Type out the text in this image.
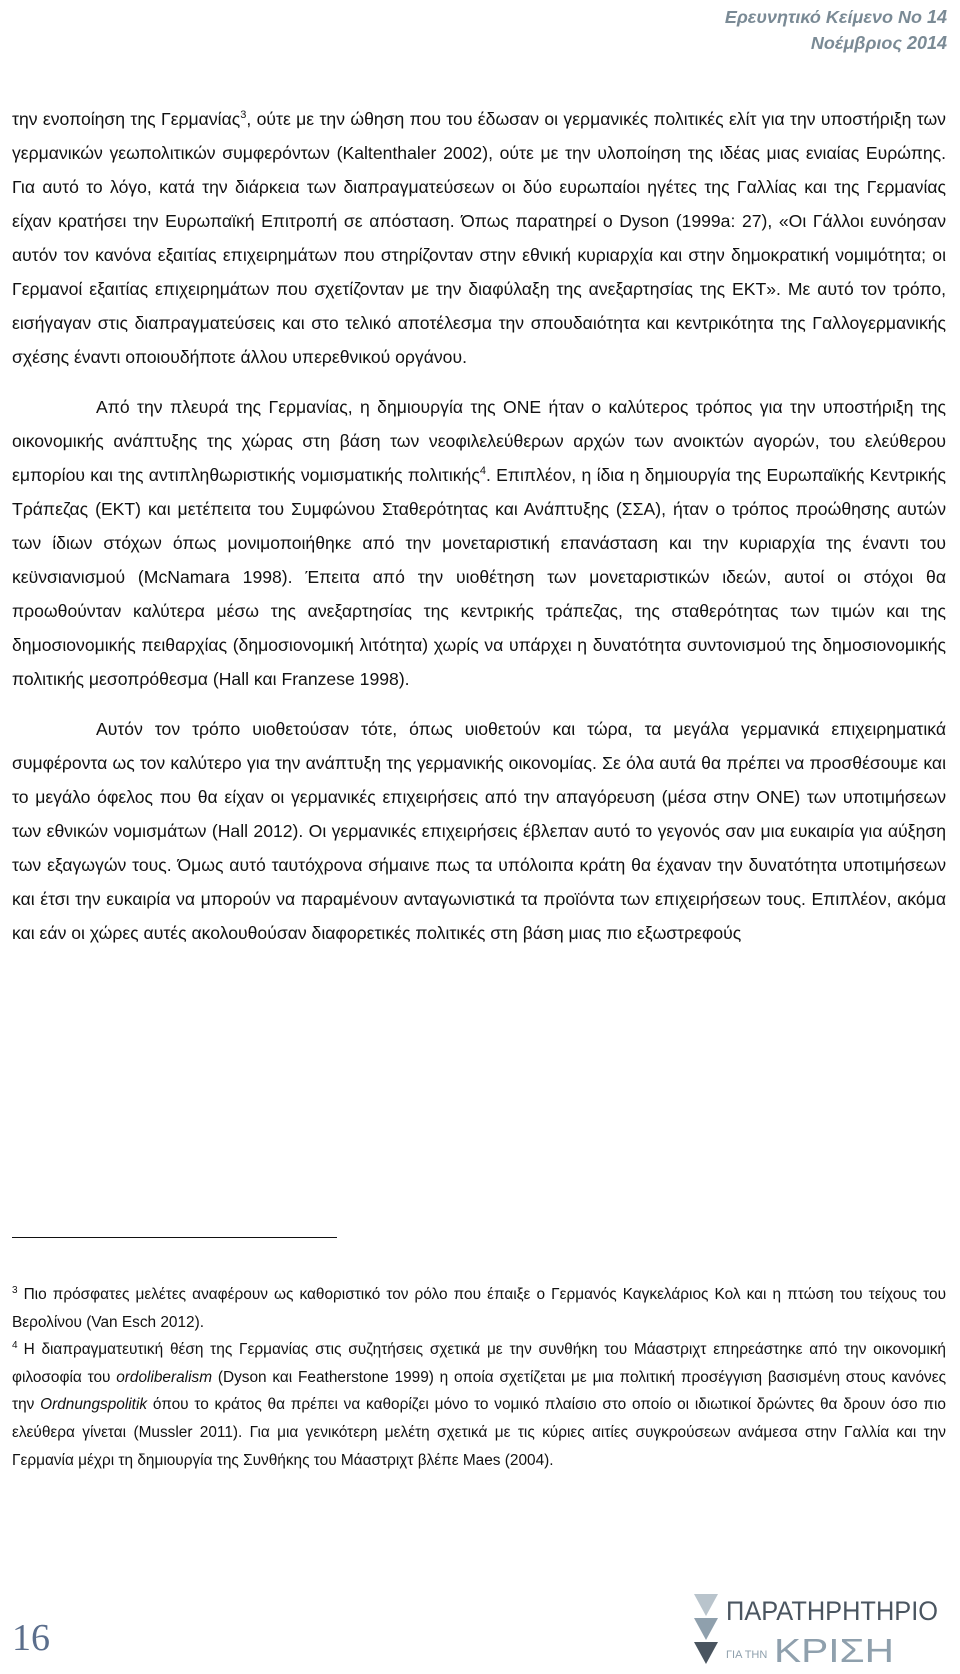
Ερευνητικό Κείμενο Νο 14
Νοέμβριος 2014

την ενοποίηση της Γερμανίας$^3$, ούτε με την ώθηση που του έδωσαν οι γερμανικές πολιτικές ελίτ για την υποστήριξη των γερμανικών γεωπολιτικών συμφερόντων (Kaltenthaler 2002), ούτε με την υλοποίηση της ιδέας μιας ενιαίας Ευρώπης. Για αυτό το λόγο, κατά την διάρκεια των διαπραγματεύσεων οι δύο ευρωπαίοι ηγέτες της Γαλλίας και της Γερμανίας είχαν κρατήσει την Ευρωπαϊκή Επιτροπή σε απόσταση. Όπως παρατηρεί ο Dyson (1999a: 27), «Οι Γάλλοι ευνόησαν αυτόν τον κανόνα εξαιτίας επιχειρημάτων που στηρίζονταν στην εθνική κυριαρχία και στην δημοκρατική νομιμότητα; οι Γερμανοί εξαιτίας επιχειρημάτων που σχετίζονταν με την διαφύλαξη της ανεξαρτησίας της ΕΚΤ». Με αυτό τον τρόπο, εισήγαγαν στις διαπραγματεύσεις και στο τελικό αποτέλεσμα την σπουδαιότητα και κεντρικότητα της Γαλλογερμανικής σχέσης έναντι οποιουδήποτε άλλου υπερεθνικού οργάνου.

Από την πλευρά της Γερμανίας, η δημιουργία της ΟΝΕ ήταν ο καλύτερος τρόπος για την υποστήριξη της οικονομικής ανάπτυξης της χώρας στη βάση των νεοφιλελεύθερων αρχών των ανοικτών αγορών, του ελεύθερου εμπορίου και της αντιπληθωριστικής νομισματικής πολιτικής$^4$. Επιπλέον, η ίδια η δημιουργία της Ευρωπαϊκής Κεντρικής Τράπεζας (ΕΚΤ) και μετέπειτα του Συμφώνου Σταθερότητας και Ανάπτυξης (ΣΣΑ), ήταν ο τρόπος προώθησης αυτών των ίδιων στόχων όπως μονιμοποιήθηκε από την μονεταριστική επανάσταση και την κυριαρχία της έναντι του κεϋνσιανισμού (McNamara 1998). Έπειτα από την υιοθέτηση των μονεταριστικών ιδεών, αυτοί οι στόχοι θα προωθούνταν καλύτερα μέσω της ανεξαρτησίας της κεντρικής τράπεζας, της σταθερότητας των τιμών και της δημοσιονομικής πειθαρχίας (δημοσιονομική λιτότητα) χωρίς να υπάρχει η δυνατότητα συντονισμού της δημοσιονομικής πολιτικής μεσοπρόθεσμα (Hall και Franzese 1998).

Αυτόν τον τρόπο υιοθετούσαν τότε, όπως υιοθετούν και τώρα, τα μεγάλα γερμανικά επιχειρηματικά συμφέροντα ως τον καλύτερο για την ανάπτυξη της γερμανικής οικονομίας. Σε όλα αυτά θα πρέπει να προσθέσουμε και το μεγάλο όφελος που θα είχαν οι γερμανικές επιχειρήσεις από την απαγόρευση (μέσα στην ΟΝΕ) των υποτιμήσεων των εθνικών νομισμάτων (Hall 2012). Οι γερμανικές επιχειρήσεις έβλεπαν αυτό το γεγονός σαν μια ευκαιρία για αύξηση των εξαγωγών τους. Όμως αυτό ταυτόχρονα σήμαινε πως τα υπόλοιπα κράτη θα έχαναν την δυνατότητα υποτιμήσεων και έτσι την ευκαιρία να μπορούν να παραμένουν ανταγωνιστικά τα προϊόντα των επιχειρήσεων τους. Επιπλέον, ακόμα και εάν οι χώρες αυτές ακολουθούσαν διαφορετικές πολιτικές στη βάση μιας πιο εξωστρεφούς

$^3$ Πιο πρόσφατες μελέτες αναφέρουν ως καθοριστικό τον ρόλο που έπαιξε ο Γερμανός Καγκελάριος Κολ και η πτώση του τείχους του Βερολίνου (Van Esch 2012).

$^4$ Η διαπραγματευτική θέση της Γερμανίας στις συζητήσεις σχετικά με την συνθήκη του Μάαστριχτ επηρεάστηκε από την οικονομική φιλοσοφία του ordoliberalism (Dyson και Featherstone 1999) η οποία σχετίζεται με μια πολιτική προσέγγιση βασισμένη στους κανόνες την Ordnungspolitik όπου το κράτος θα πρέπει να καθορίζει μόνο το νομικό πλαίσιο στο οποίο οι ιδιωτικοί δρώντες θα δρουν όσο πιο ελεύθερα γίνεται (Mussler 2011). Για μια γενικότερη μελέτη σχετικά με τις κύριες αιτίες συγκρούσεων ανάμεσα στην Γαλλία και την Γερμανία μέχρι τη δημιουργία της Συνθήκης του Μάαστριχτ βλέπε Maes (2004).

16
ΠΑΡΑΤΗΡΗΤΗΡΙΟ
ΓΙΑ ΤΗΝ ΚΡΙΣΗ
